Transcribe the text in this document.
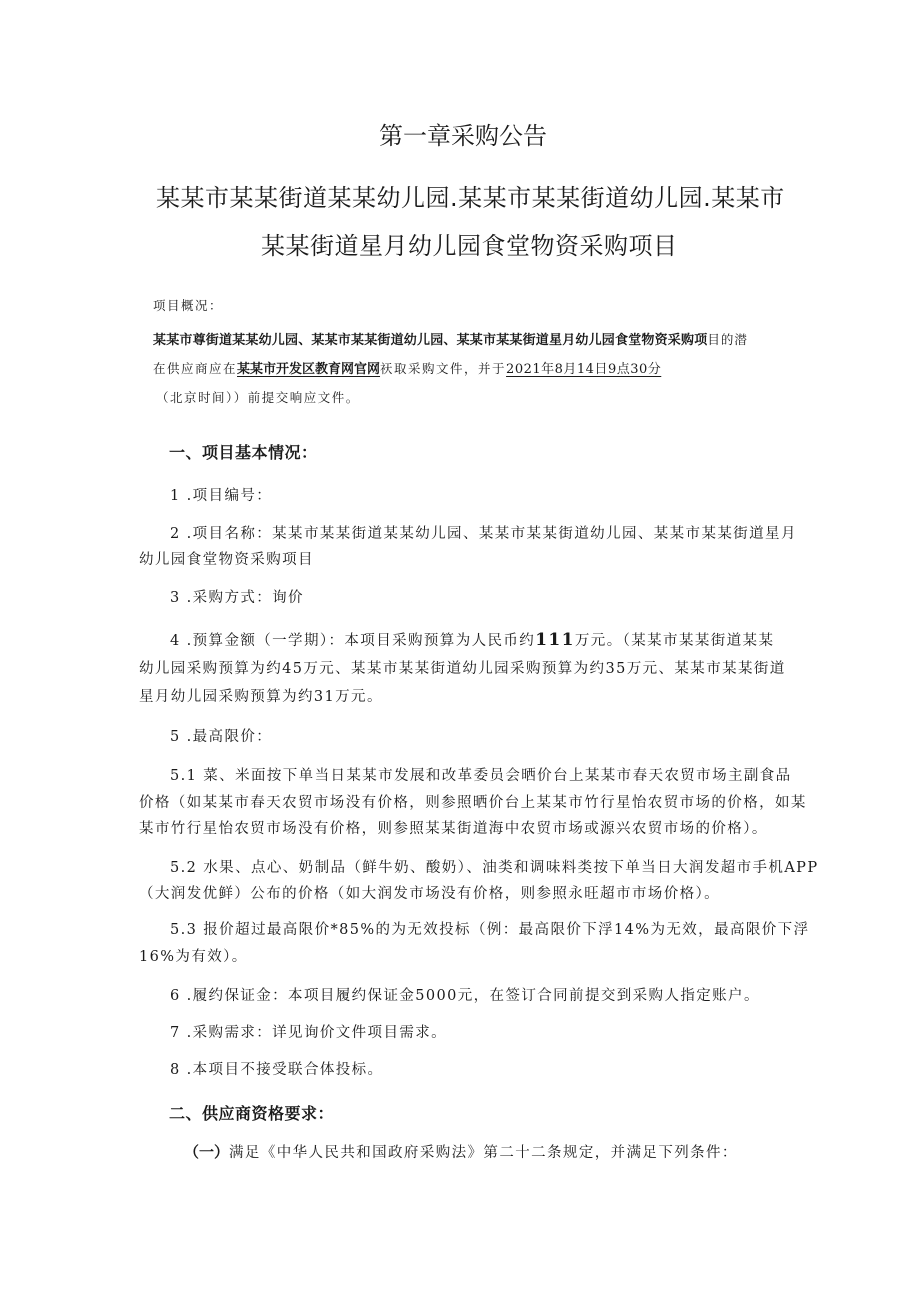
第一章采购公告
某某市某某街道某某幼儿园.某某市某某街道幼儿园.某某市
某某街道星月幼儿园食堂物资采购项目
项目概况：
某某市尊街道某某幼儿园、某某市某某街道幼儿园、某某市某某街道星月幼儿园食堂物资采购项目的潜
在供应商应在某某市开发区教育网官网祆取采购文件，并于2021年8月14日9点30分
（北京时间））前提交响应文件。
一、项目基本情况：
1 .项目编号：
2 .项目名称：某某市某某街道某某幼儿园、某某市某某街道幼儿园、某某市某某街道星月
幼儿园食堂物资采购项目
3 .采购方式：询价
4 .预算金额（一学期）：本项目采购预算为人民币约111万元。（某某市某某街道某某
幼儿园采购预算为约45万元、某某市某某街道幼儿园采购预算为约35万元、某某市某某街道
星月幼儿园采购预算为约31万元。
5 .最高限价：
5.1 菜、米面按下单当日某某市发展和改革委员会晒价台上某某市春天农贸市场主副食品
价格（如某某市春天农贸市场没有价格，则参照晒价台上某某市竹行星怡农贸市场的价格，如某
某市竹行星怡农贸市场没有价格，则参照某某街道海中农贸市场或源兴农贸市场的价格）。
5.2 水果、点心、奶制品（鲜牛奶、酸奶）、油类和调味料类按下单当日大润发超市手机APP
（大润发优鲜）公布的价格（如大润发市场没有价格，则参照永旺超市市场价格）。
5.3 报价超过最高限价*85%的为无效投标（例：最高限价下浮14%为无效，最高限价下浮
16%为有效）。
6 .履约保证金：本项目履约保证金5000元，在签订合同前提交到采购人指定账户。
7 .采购需求：详见询价文件项目需求。
8 .本项目不接受联合体投标。
二、供应商资格要求：
（一）满足《中华人民共和国政府采购法》第二十二条规定，并满足下列条件：
